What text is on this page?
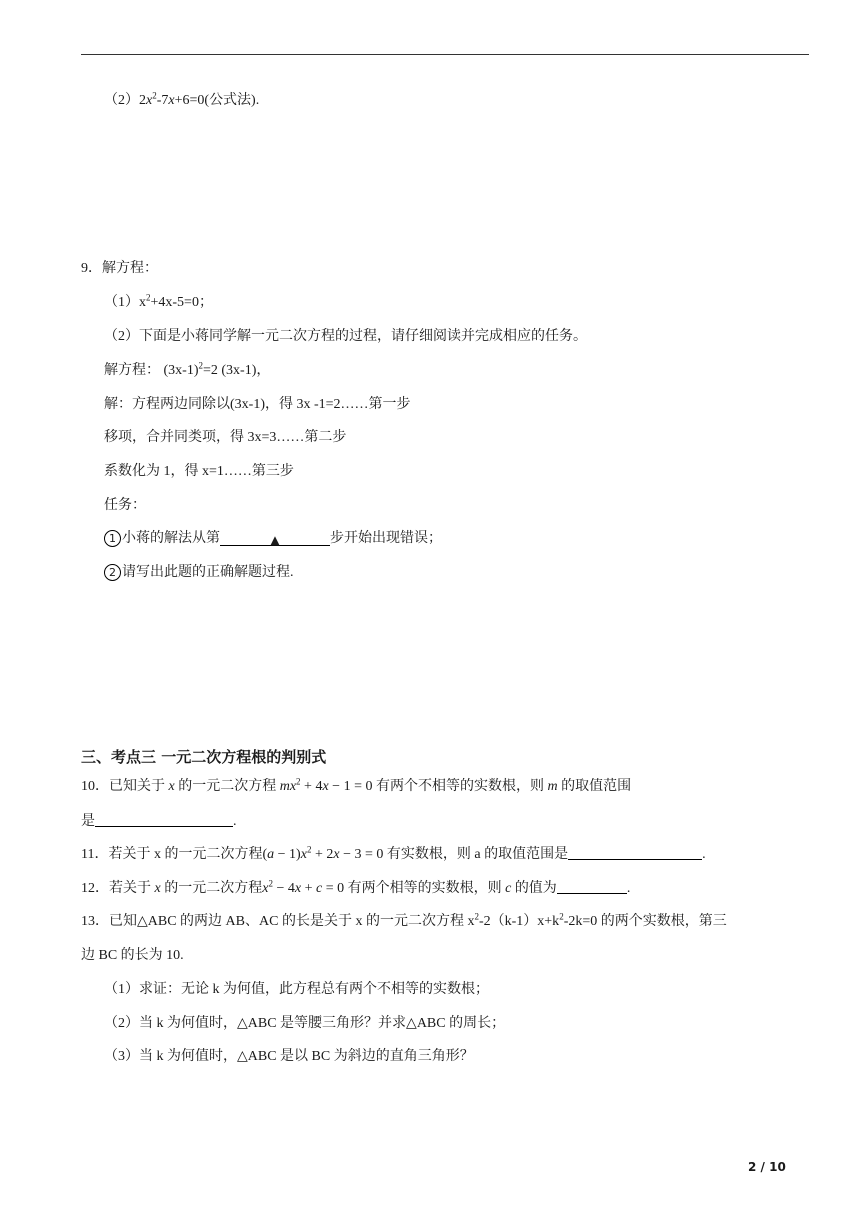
$(2)2x^2-7x+6=0$(公式法).
9．解方程：
$(1)x^2+4x-5=0$；
（2）下面是小蒋同学解一元二次方程的过程，请仔细阅读并完成相应的任务。
解方程： $(3x-1)^2=2$ (3x-1)，
解：方程两边同除以(3x-1)，得 3x -1=2……第一步
移项，合并同类项，得 3x=3……第二步
系数化为 1，得 x=1……第三步
任务：
1 小蒋的解法从第	▲	步开始出现错误；
2 请写出此题的正确解题过程.
三、考点三 一元二次方程根的判别式
10．已知关于 x 的一元二次方程 $mx^2 + 4x - 1 = 0$ 有两个不相等的实数根，则 m 的取值范围
是	.
11．若关于 x 的一元二次方程$(a - 1)x^2 + 2x - 3 = 0$ 有实数根，则 a 的取值范围是	.
12．若关于 x 的一元二次方程$x^2 - 4x + c = 0$ 有两个相等的实数根，则 c 的值为	.
13．已知△ABC 的两边 AB、AC 的长是关于 x 的一元二次方程 $x^2-2(k-1)x+k^2-2k=0$ 的两个实数根，第三
边 BC 的长为 10.
（1）求证：无论 k 为何值，此方程总有两个不相等的实数根；
（2）当 k 为何值时，△ABC 是等腰三角形？并求△ABC 的周长；
（3）当 k 为何值时，△ABC 是以 BC 为斜边的直角三角形？
2 / 10
